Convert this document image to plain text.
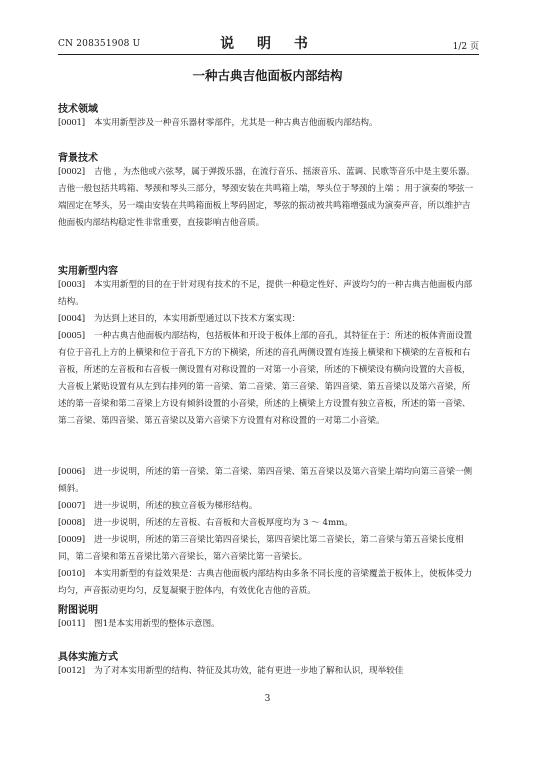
CN 208351908 U	说 明 书	1/2 页
一种古典吉他面板内部结构
技术领域
[0001] 本实用新型涉及一种音乐器材零部件，尤其是一种古典吉他面板内部结构。
背景技术
[0002] 吉他 ，为杰他或六弦琴，属于弹拨乐器，在流行音乐、摇滚音乐、蓝调、民歌等音乐中是主要乐器。吉他一般包括共鸣箱、琴颈和琴头三部分，琴颈安装在共鸣箱上端，琴头位于琴颈的上端 ；用于演奏的琴弦一端固定在琴头，另一端由安装在共鸣箱面板上琴码固定，琴弦的振动被共鸣箱增强成为演奏声音，所以维护吉他面板内部结构稳定性非常重要，直接影响吉他音质。
实用新型内容
[0003] 本实用新型的目的在于针对现有技术的不足，提供一种稳定性好、声波均匀的一种古典吉他面板内部结构。
[0004] 为达到上述目的，本实用新型通过以下技术方案实现：
[0005] 一种古典吉他面板内部结构，包括板体和开设于板体上部的音孔，其特征在于：所述的板体背面设置有位于音孔上方的上横梁和位于音孔下方的下横梁，所述的音孔两侧设置有连接上横梁和下横梁的左音板和右音板，所述的左音板和右音板一侧设置有对称设置的一对第一小音梁，所述的下横梁设有横向设置的大音板，大音板上紧贴设置有从左到右排列的第一音梁、第二音梁、第三音梁、第四音梁、第五音梁以及第六音梁，所述的第一音梁和第二音梁上方设有倾斜设置的小音梁，所述的上横梁上方设置有独立音板，所述的第一音梁、第二音梁、第四音梁、第五音梁以及第六音梁下方设置有对称设置的一对第二小音梁。
[0006] 进一步说明，所述的第一音梁、第二音梁、第四音梁、第五音梁以及第六音梁上端均向第三音梁一侧倾斜。
[0007] 进一步说明，所述的独立音板为梯形结构。
[0008] 进一步说明，所述的左音板、右音板和大音板厚度均为 3 ～ 4mm。
[0009] 进一步说明，所述的第三音梁比第四音梁长，第四音梁比第二音梁长，第二音梁与第五音梁长度相同，第二音梁和第五音梁比第六音梁长，第六音梁比第一音梁长。
[0010] 本实用新型的有益效果是：古典吉他面板内部结构由多条不同长度的音梁覆盖于板体上，使板体受力均匀，声音振动更均匀，反复凝聚于腔体内，有效优化吉他的音质。
附图说明
[0011] 图1是本实用新型的整体示意图。
具体实施方式
[0012] 为了对本实用新型的结构、特征及其功效，能有更进一步地了解和认识，现举较佳
3
